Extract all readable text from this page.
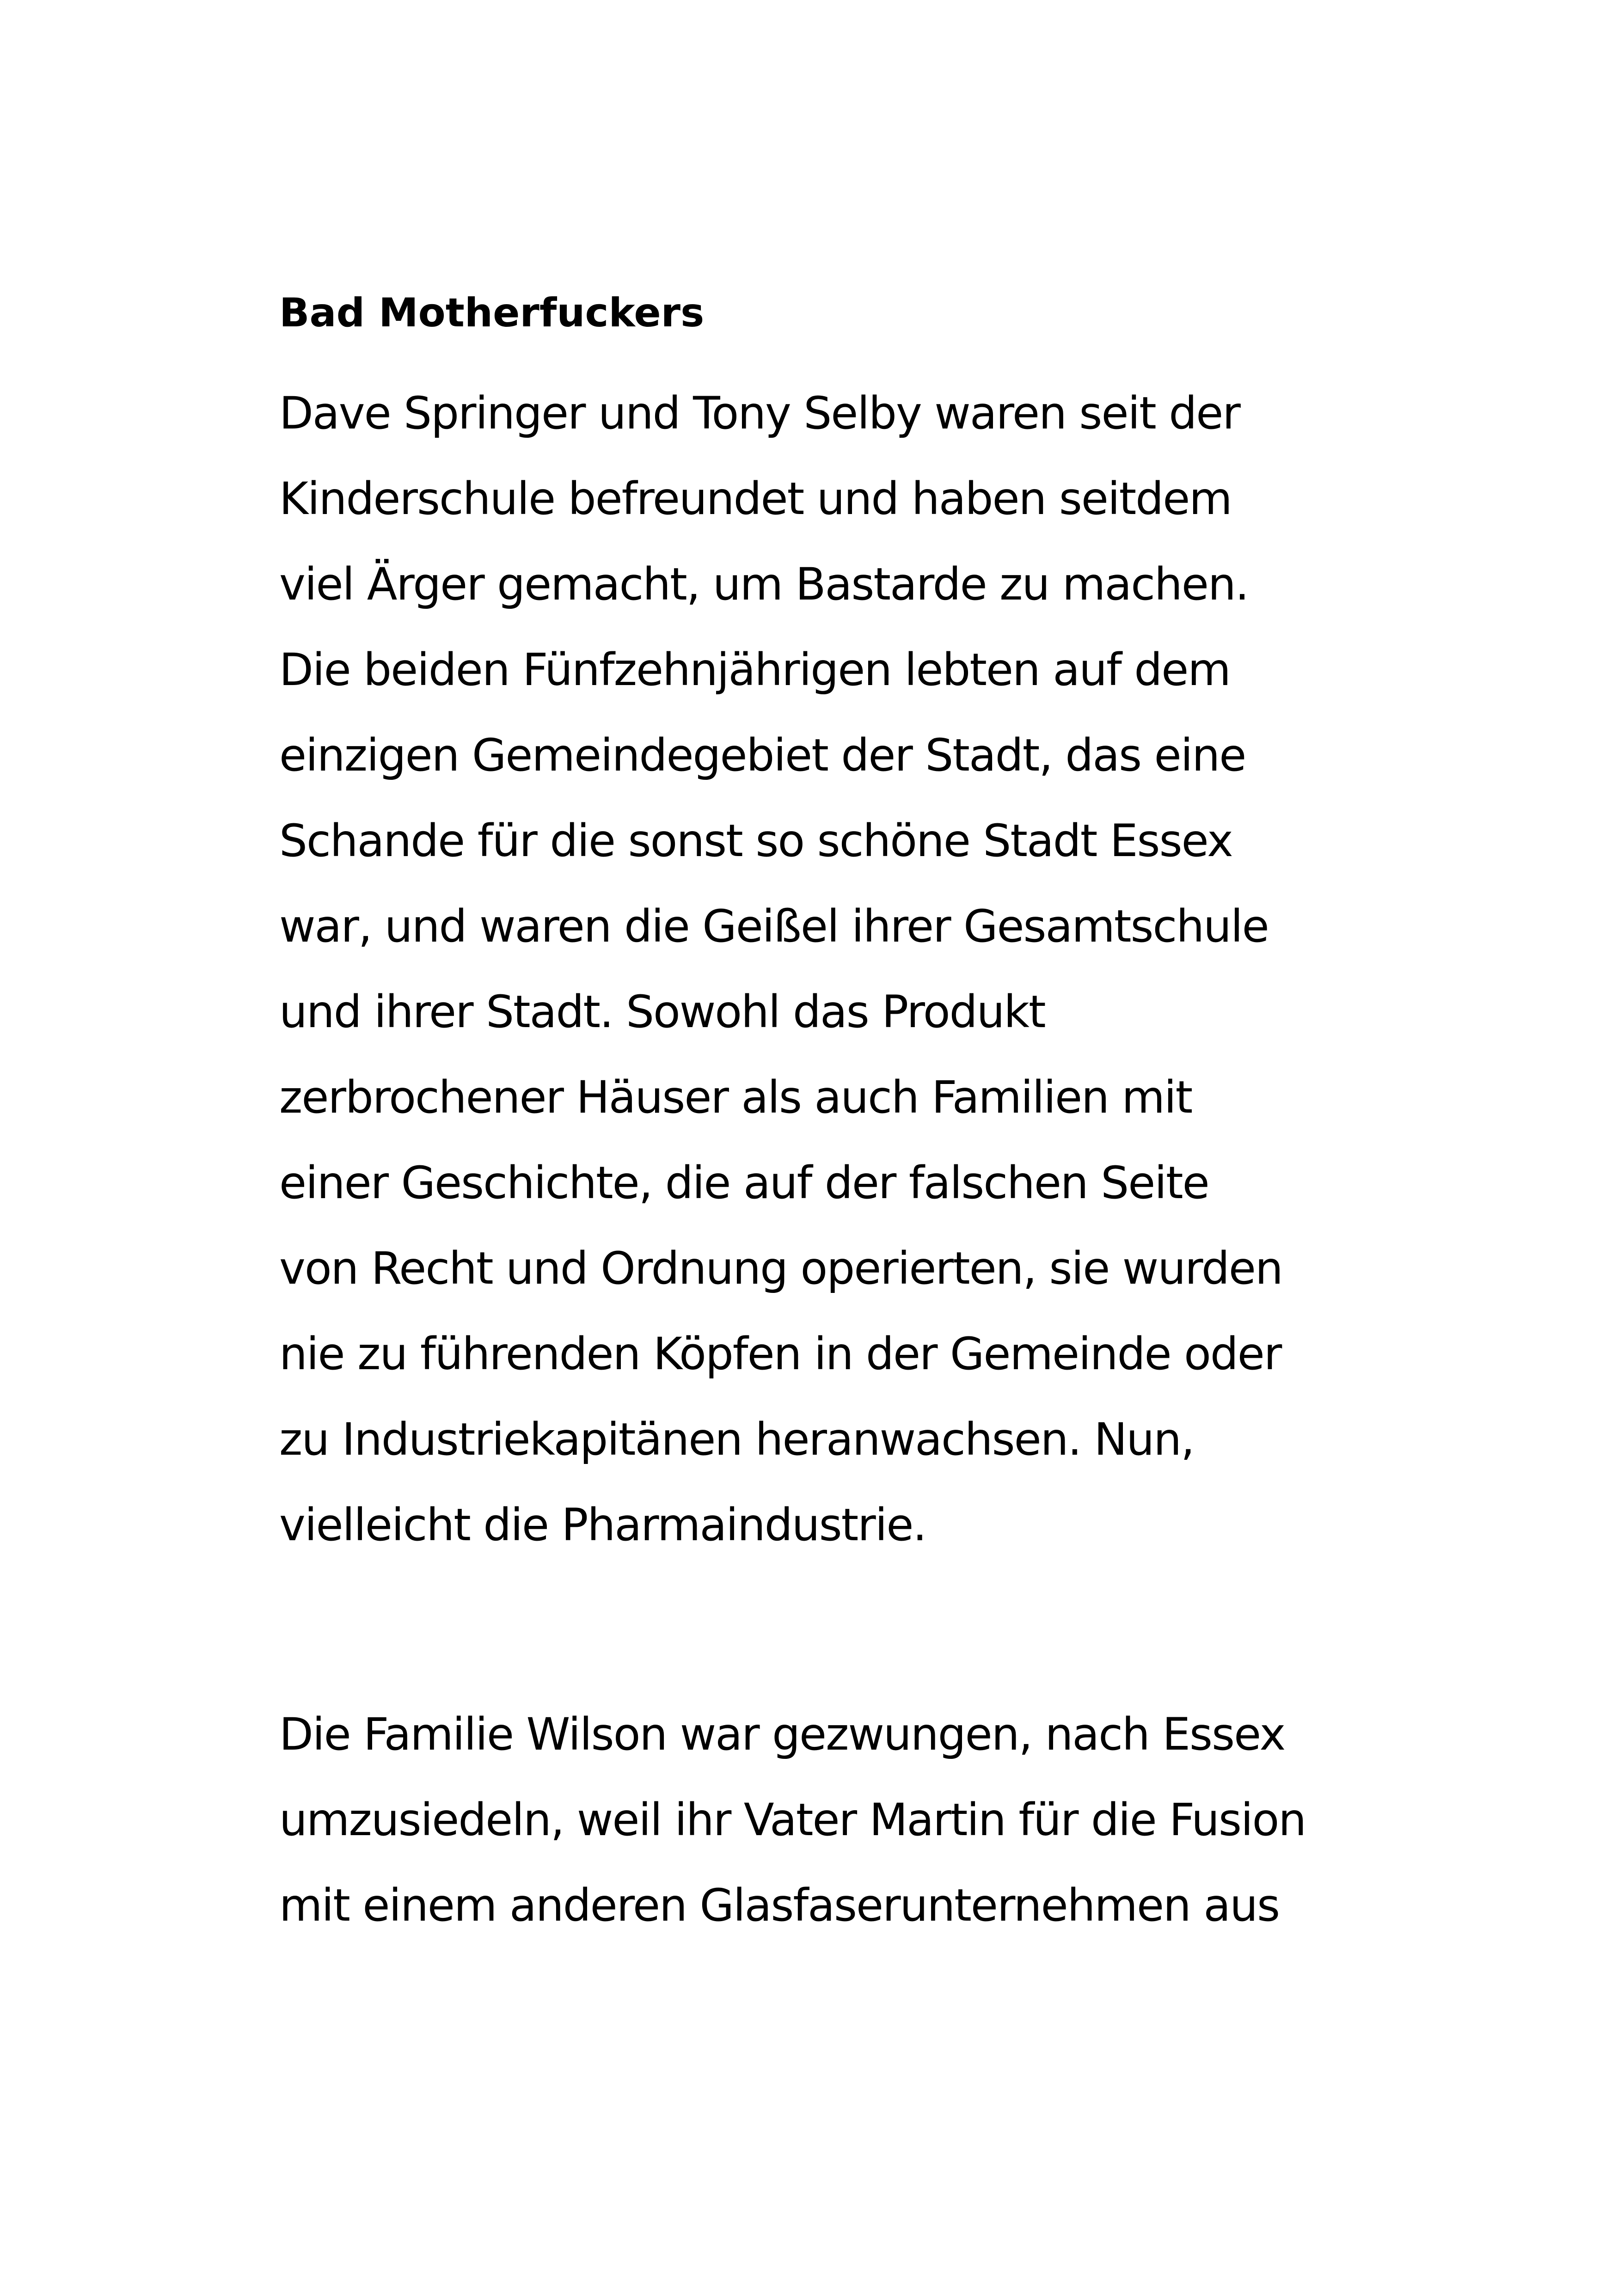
Bad Motherfuckers

Dave Springer und Tony Selby waren seit der
Kinderschule befreundet und haben seitdem
viel Ärger gemacht, um Bastarde zu machen.
Die beiden Fünfzehnjährigen lebten auf dem
einzigen Gemeindegebiet der Stadt, das eine
Schande für die sonst so schöne Stadt Essex
war, und waren die Geißel ihrer Gesamtschule
und ihrer Stadt. Sowohl das Produkt
zerbrochener Häuser als auch Familien mit
einer Geschichte, die auf der falschen Seite
von Recht und Ordnung operierten, sie wurden
nie zu führenden Köpfen in der Gemeinde oder
zu Industriekapitänen heranwachsen. Nun,
vielleicht die Pharmaindustrie.

Die Familie Wilson war gezwungen, nach Essex
umzusiedeln, weil ihr Vater Martin für die Fusion
mit einem anderen Glasfaserunternehmen aus
